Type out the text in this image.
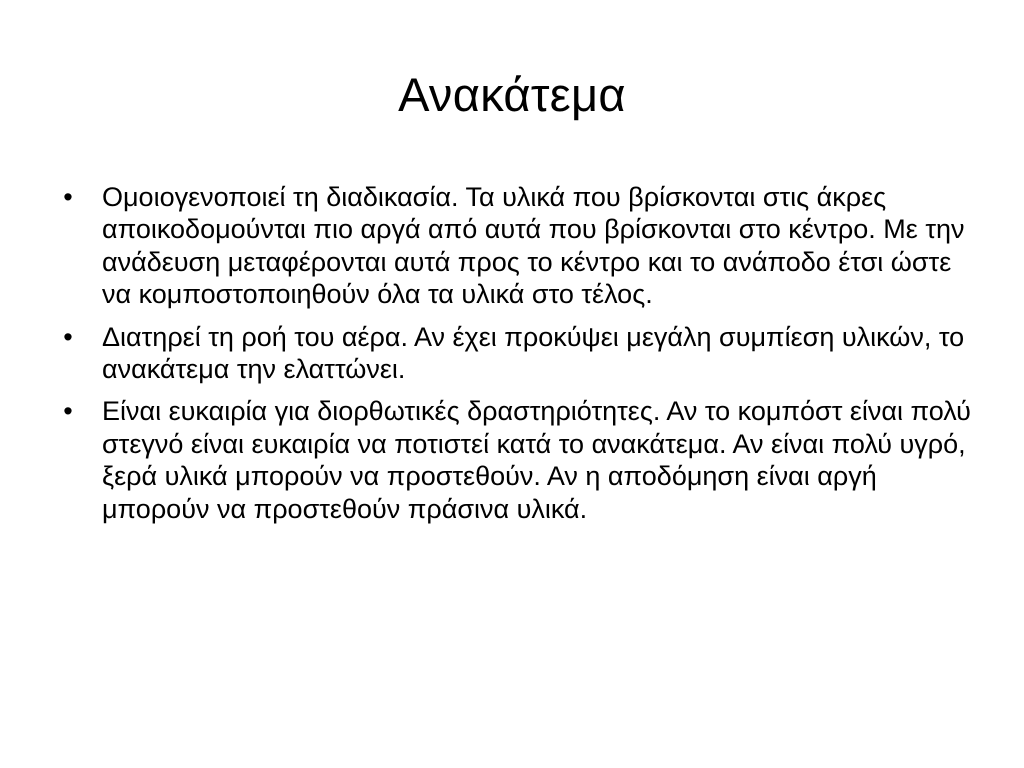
Ανακάτεμα
• Ομοιογενοποιεί τη διαδικασία. Τα υλικά που βρίσκονται στις άκρες αποικοδομούνται πιο αργά από αυτά που βρίσκονται στο κέντρο. Με την ανάδευση μεταφέρονται αυτά προς το κέντρο και το ανάποδο έτσι ώστε να κομποστοποιηθούν όλα τα υλικά στο τέλος.
• Διατηρεί τη ροή του αέρα. Αν έχει προκύψει μεγάλη συμπίεση υλικών, το ανακάτεμα την ελαττώνει.
• Είναι ευκαιρία για διορθωτικές δραστηριότητες. Αν το κομπόστ είναι πολύ στεγνό είναι ευκαιρία να ποτιστεί κατά το ανακάτεμα. Αν είναι πολύ υγρό, ξερά υλικά μπορούν να προστεθούν. Αν η αποδόμηση είναι αργή μπορούν να προστεθούν πράσινα υλικά.
